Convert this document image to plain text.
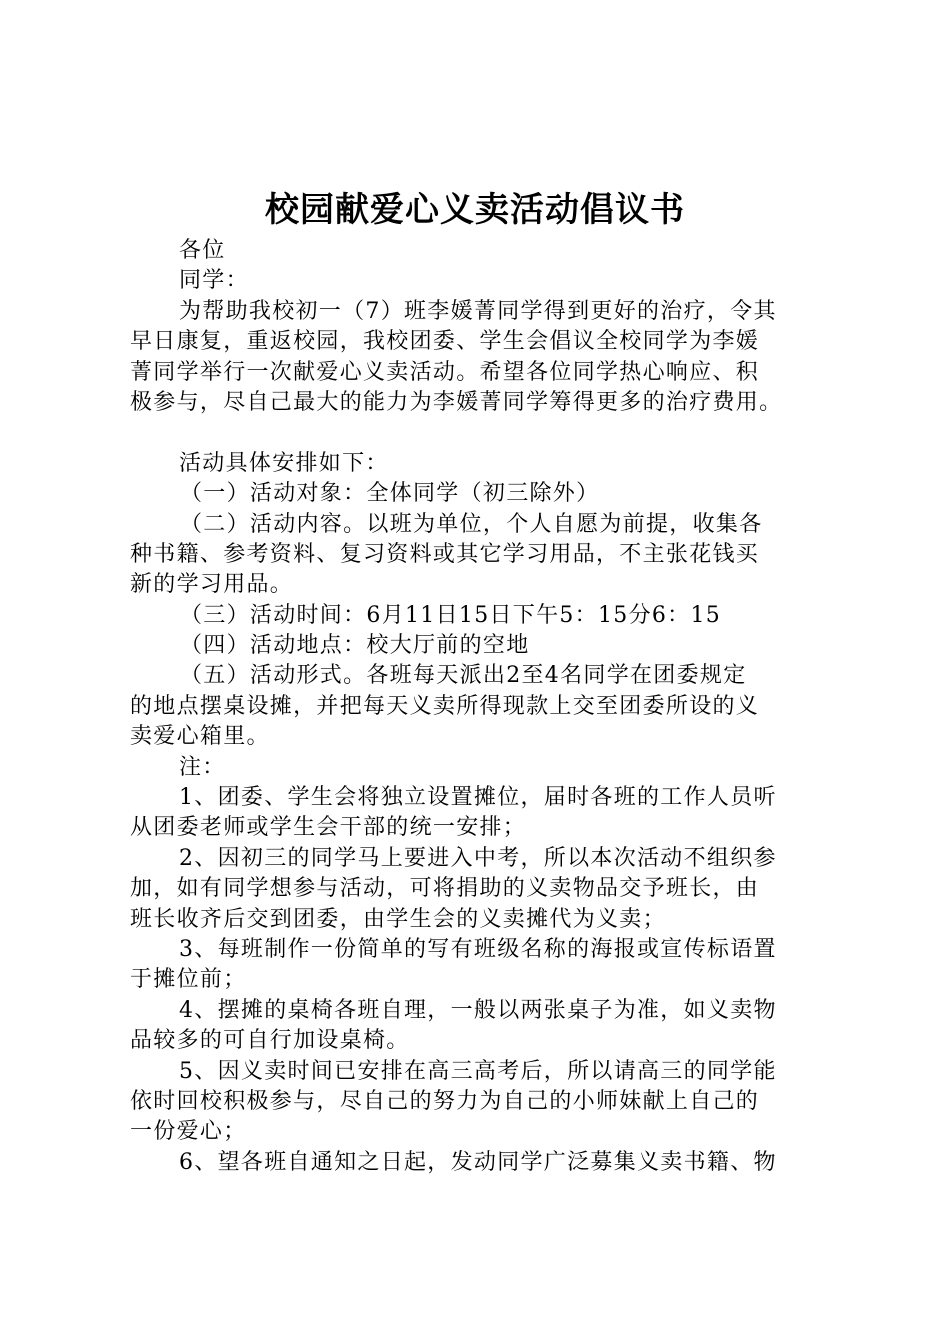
校园献爱心义卖活动倡议书
各位
同学：
为帮助我校初一（7）班李媛菁同学得到更好的治疗，令其
早日康复，重返校园，我校团委、学生会倡议全校同学为李媛
菁同学举行一次献爱心义卖活动。希望各位同学热心响应、积
极参与，尽自己最大的能力为李媛菁同学筹得更多的治疗费用。
活动具体安排如下：
（一）活动对象：全体同学（初三除外）
（二）活动内容。以班为单位，个人自愿为前提，收集各
种书籍、参考资料、复习资料或其它学习用品，不主张花钱买
新的学习用品。
（三）活动时间：6月11日15日下午5：15分6：15
（四）活动地点：校大厅前的空地
（五）活动形式。各班每天派出2至4名同学在团委规定
的地点摆桌设摊，并把每天义卖所得现款上交至团委所设的义
卖爱心箱里。
注：
1、团委、学生会将独立设置摊位，届时各班的工作人员听
从团委老师或学生会干部的统一安排；
2、因初三的同学马上要进入中考，所以本次活动不组织参
加，如有同学想参与活动，可将捐助的义卖物品交予班长，由
班长收齐后交到团委，由学生会的义卖摊代为义卖；
3、每班制作一份简单的写有班级名称的海报或宣传标语置
于摊位前；
4、摆摊的桌椅各班自理，一般以两张桌子为准，如义卖物
品较多的可自行加设桌椅。
5、因义卖时间已安排在高三高考后，所以请高三的同学能
依时回校积极参与，尽自己的努力为自己的小师妹献上自己的
一份爱心；
6、望各班自通知之日起，发动同学广泛募集义卖书籍、物
